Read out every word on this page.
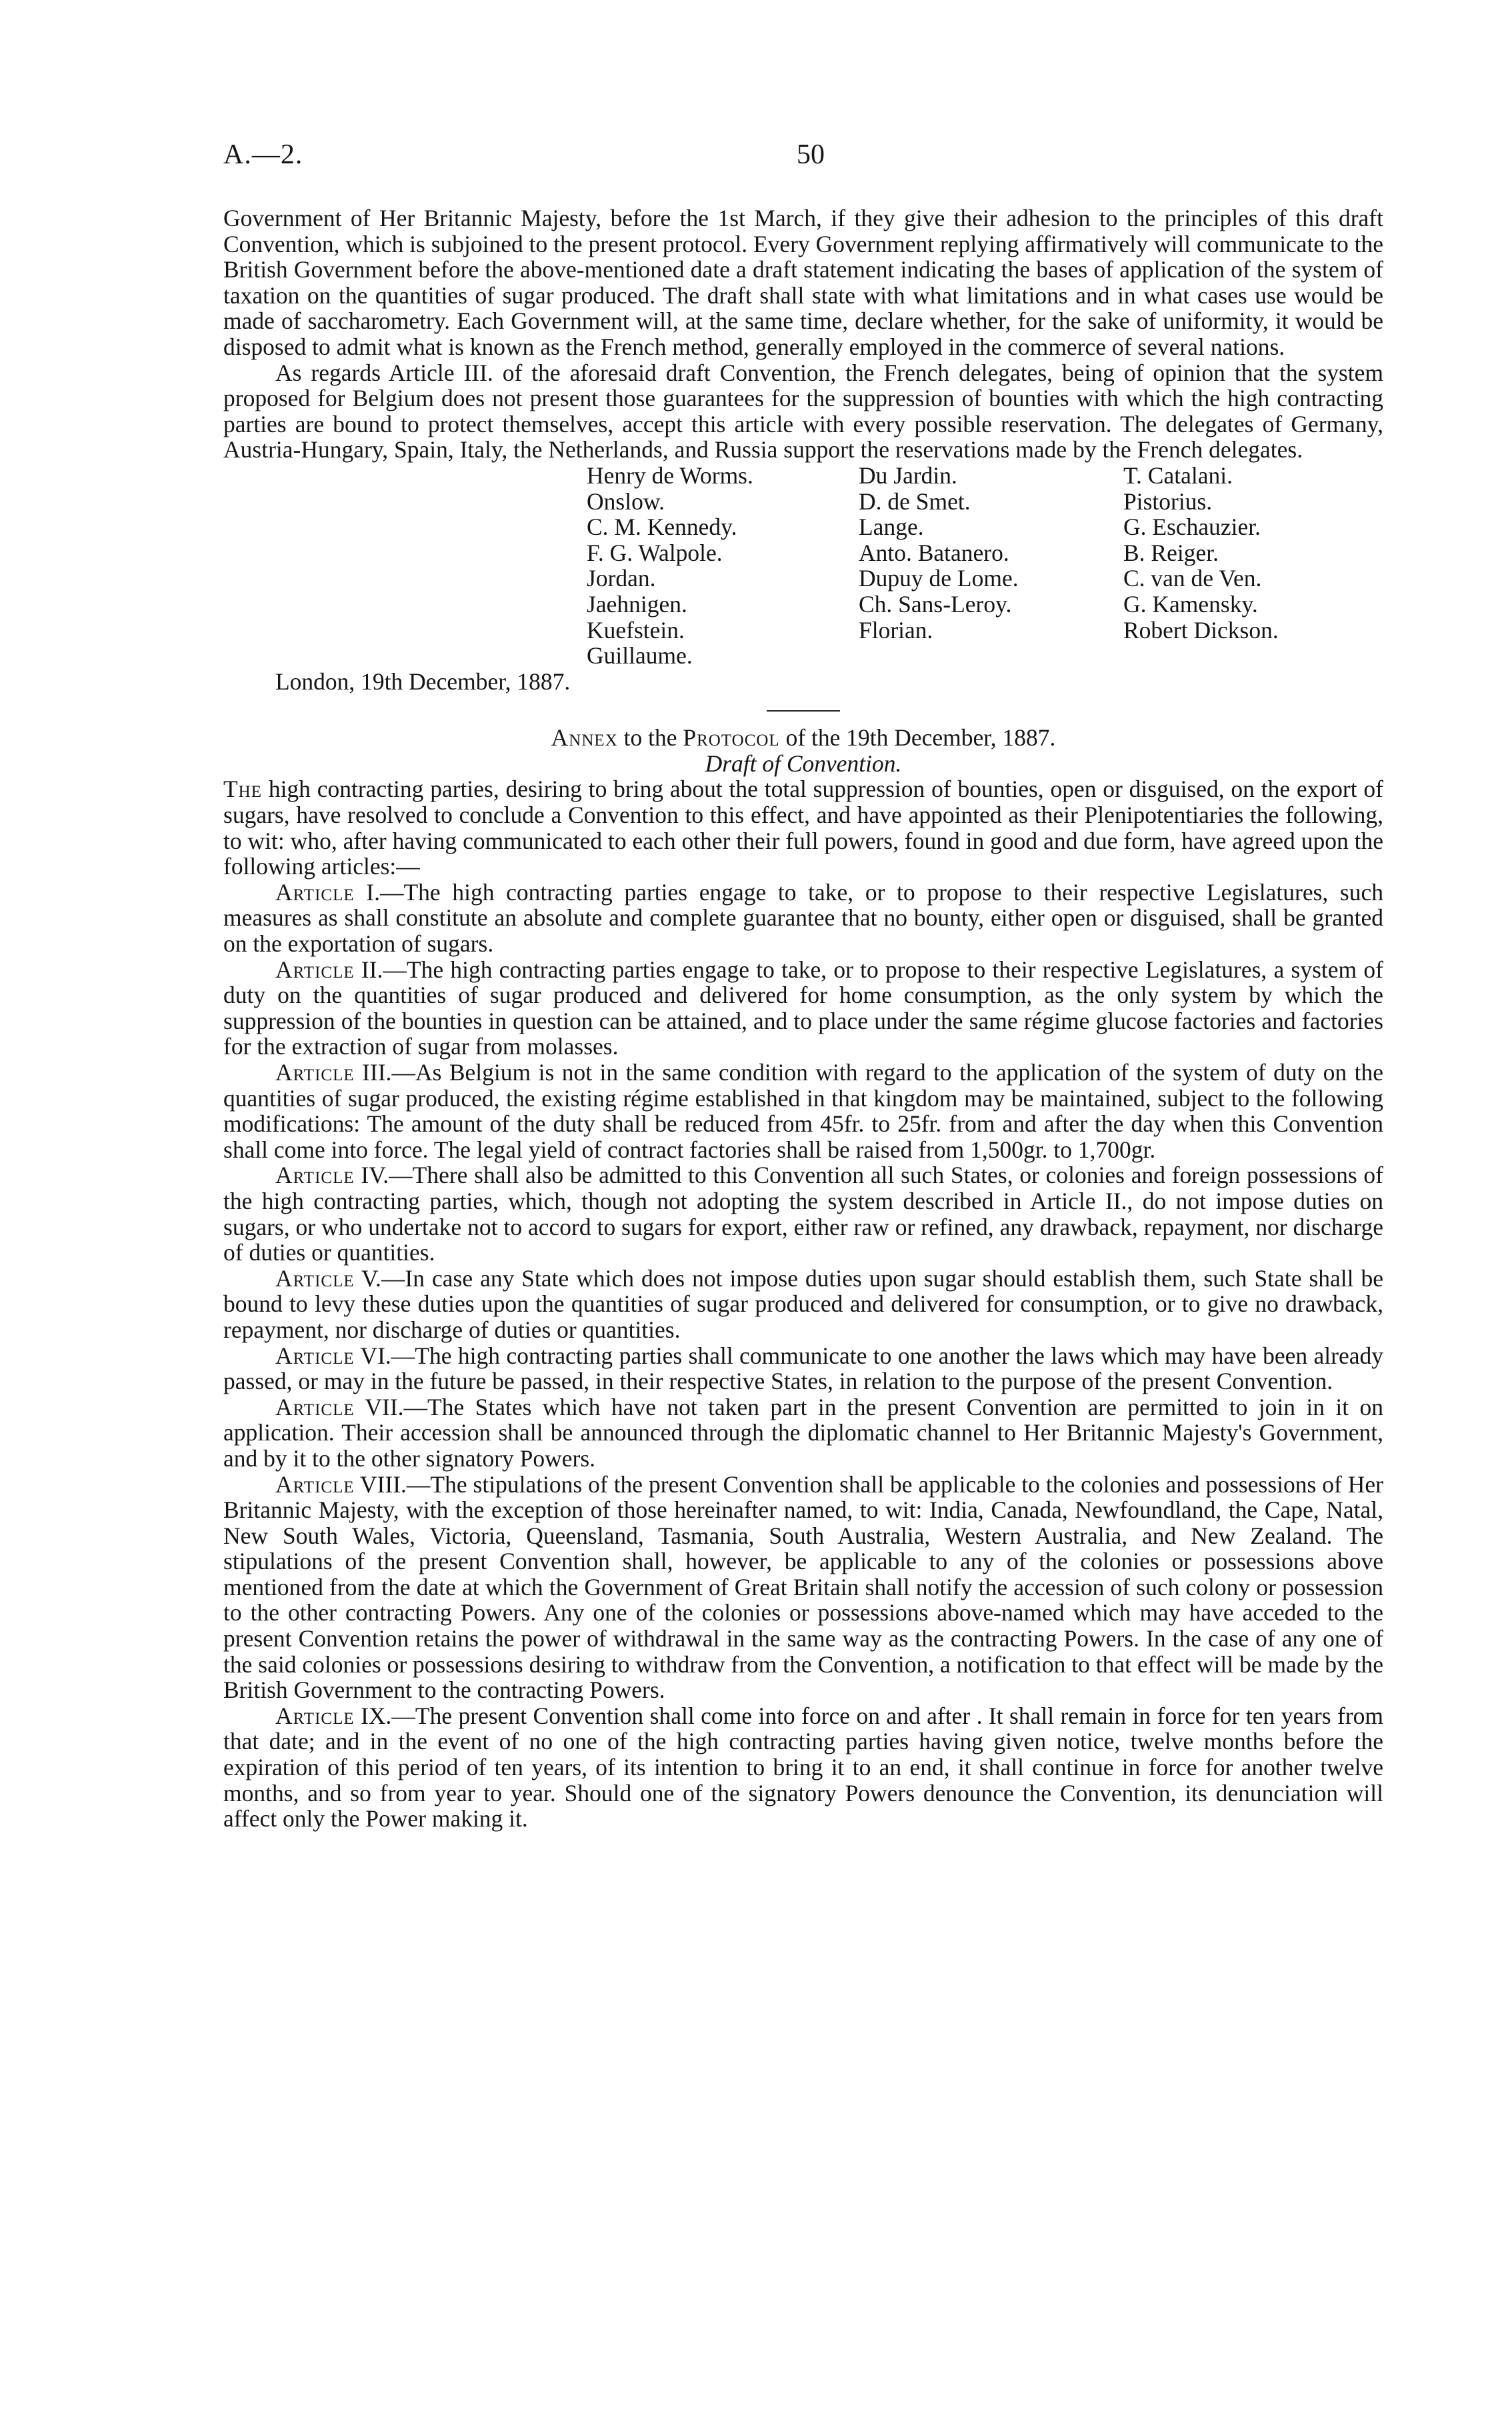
A.—2.	50

Government of Her Britannic Majesty, before the 1st March, if they give their adhesion to the principles of this draft Convention, which is subjoined to the present protocol. Every Government replying affirmatively will communicate to the British Government before the above-mentioned date a draft statement indicating the bases of application of the system of taxation on the quantities of sugar produced. The draft shall state with what limitations and in what cases use would be made of saccharometry. Each Government will, at the same time, declare whether, for the sake of uniformity, it would be disposed to admit what is known as the French method, generally employed in the commerce of several nations.

As regards Article III. of the aforesaid draft Convention, the French delegates, being of opinion that the system proposed for Belgium does not present those guarantees for the suppression of bounties with which the high contracting parties are bound to protect themselves, accept this article with every possible reservation. The delegates of Germany, Austria-Hungary, Spain, Italy, the Netherlands, and Russia support the reservations made by the French delegates.

Henry de Worms.
Onslow.
C. M. Kennedy.
F. G. Walpole.
Jordan.
Jaehnigen.
Kuefstein.
Guillaume.
Du Jardin.
D. de Smet.
Lange.
Anto. Batanero.
Dupuy de Lome.
Ch. Sans-Leroy.
Florian.
T. Catalani.
Pistorius.
G. Eschauzier.
B. Reiger.
C. van de Ven.
G. Kamensky.
Robert Dickson.

London, 19th December, 1887.

Annex to the Protocol of the 19th December, 1887.

Draft of Convention.

The high contracting parties, desiring to bring about the total suppression of bounties, open or disguised, on the export of sugars, have resolved to conclude a Convention to this effect, and have appointed as their Plenipotentiaries the following, to wit: who, after having communicated to each other their full powers, found in good and due form, have agreed upon the following articles:—

Article I.—The high contracting parties engage to take, or to propose to their respective Legislatures, such measures as shall constitute an absolute and complete guarantee that no bounty, either open or disguised, shall be granted on the exportation of sugars.

Article II.—The high contracting parties engage to take, or to propose to their respective Legislatures, a system of duty on the quantities of sugar produced and delivered for home consumption, as the only system by which the suppression of the bounties in question can be attained, and to place under the same régime glucose factories and factories for the extraction of sugar from molasses.

Article III.—As Belgium is not in the same condition with regard to the application of the system of duty on the quantities of sugar produced, the existing régime established in that kingdom may be maintained, subject to the following modifications: The amount of the duty shall be reduced from 45fr. to 25fr. from and after the day when this Convention shall come into force. The legal yield of contract factories shall be raised from 1,500gr. to 1,700gr.

Article IV.—There shall also be admitted to this Convention all such States, or colonies and foreign possessions of the high contracting parties, which, though not adopting the system described in Article II., do not impose duties on sugars, or who undertake not to accord to sugars for export, either raw or refined, any drawback, repayment, nor discharge of duties or quantities.

Article V.—In case any State which does not impose duties upon sugar should establish them, such State shall be bound to levy these duties upon the quantities of sugar produced and delivered for consumption, or to give no drawback, repayment, nor discharge of duties or quantities.

Article VI.—The high contracting parties shall communicate to one another the laws which may have been already passed, or may in the future be passed, in their respective States, in relation to the purpose of the present Convention.

Article VII.—The States which have not taken part in the present Convention are permitted to join in it on application. Their accession shall be announced through the diplomatic channel to Her Britannic Majesty's Government, and by it to the other signatory Powers.

Article VIII.—The stipulations of the present Convention shall be applicable to the colonies and possessions of Her Britannic Majesty, with the exception of those hereinafter named, to wit: India, Canada, Newfoundland, the Cape, Natal, New South Wales, Victoria, Queensland, Tasmania, South Australia, Western Australia, and New Zealand. The stipulations of the present Convention shall, however, be applicable to any of the colonies or possessions above mentioned from the date at which the Government of Great Britain shall notify the accession of such colony or possession to the other contracting Powers. Any one of the colonies or possessions above-named which may have acceded to the present Convention retains the power of withdrawal in the same way as the contracting Powers. In the case of any one of the said colonies or possessions desiring to withdraw from the Convention, a notification to that effect will be made by the British Government to the contracting Powers.

Article IX.—The present Convention shall come into force on and after . It shall remain in force for ten years from that date; and in the event of no one of the high contracting parties having given notice, twelve months before the expiration of this period of ten years, of its intention to bring it to an end, it shall continue in force for another twelve months, and so from year to year. Should one of the signatory Powers denounce the Convention, its denunciation will affect only the Power making it.
